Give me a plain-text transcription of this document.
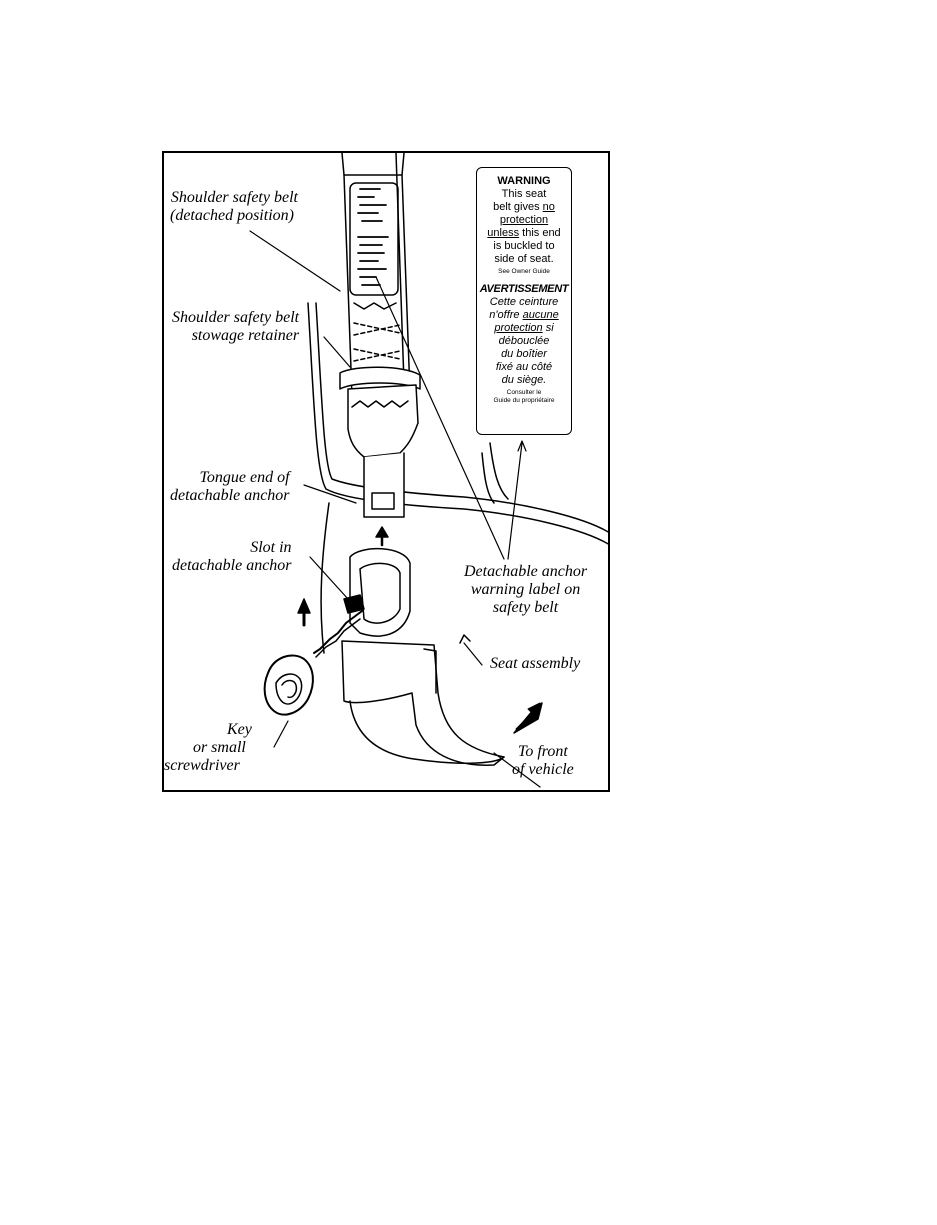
Shoulder safety belt
(detached position)
Shoulder safety belt
stowage retainer
Tongue end of
detachable anchor
Slot in
detachable anchor
Key
or small
screwdriver
Detachable anchor
warning label on
safety belt
Seat assembly
To front
of vehicle
WARNING
This seat
belt gives no
protection
unless this end
is buckled to
side of seat.
See Owner Guide
AVERTISSEMENT
Cette ceinture
n'offre aucune
protection si
débouclée
du boîtier
fixé au côté
du siège.
Consulter le
Guide du propriétaire
